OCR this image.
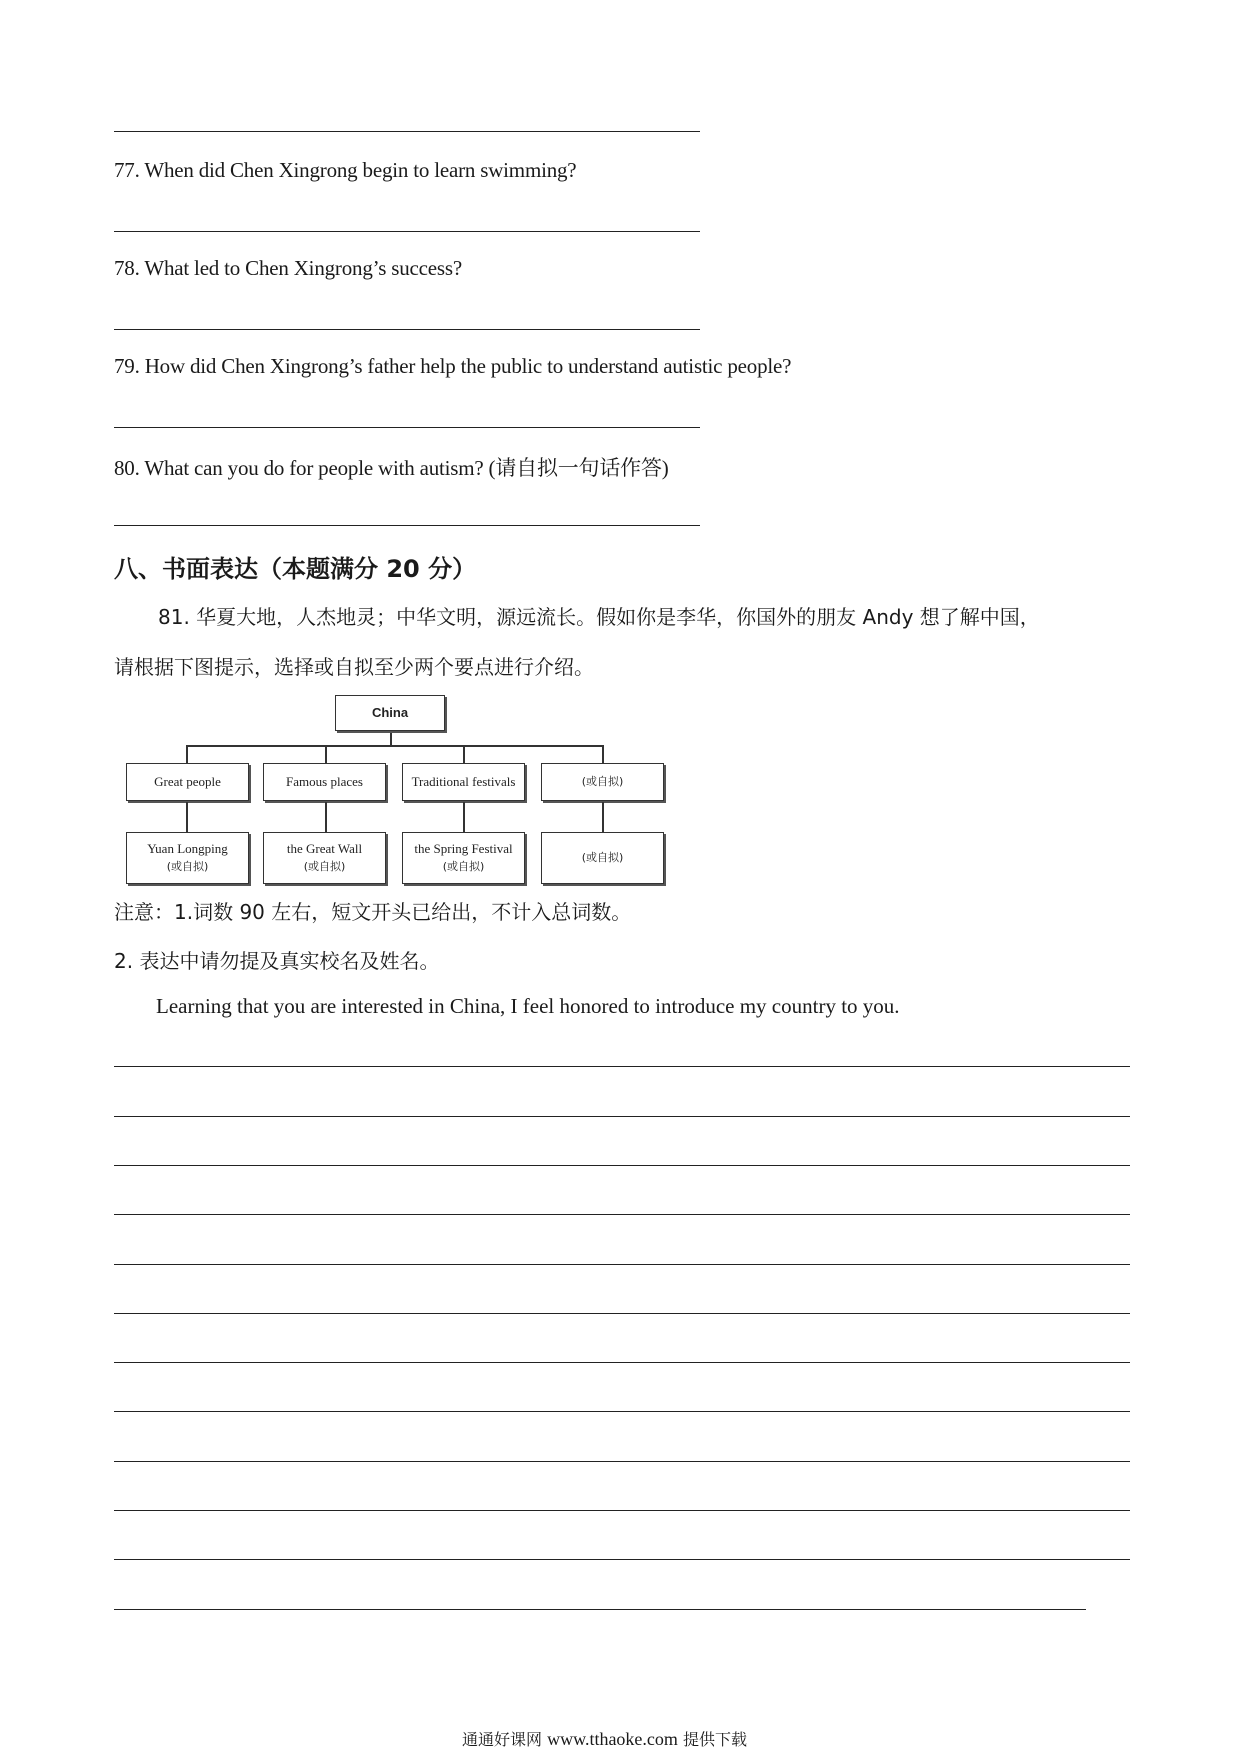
77. When did Chen Xingrong begin to learn swimming?
78. What led to Chen Xingrong’s success?
79. How did Chen Xingrong’s father help the public to understand autistic people?
80. What can you do for people with autism? (请自拟一句话作答)
八、书面表达（本题满分 20 分）
81. 华夏大地，人杰地灵；中华文明，源远流长。假如你是李华，你国外的朋友 Andy 想了解中国，
请根据下图提示，选择或自拟至少两个要点进行介绍。
China
Great people	Famous places	Traditional festivals	(或自拟)
Yuan Longping
(或自拟)
the Great Wall
(或自拟)
the Spring Festival
(或自拟)
(或自拟)
注意：1.词数 90 左右，短文开头已给出，不计入总词数。
2. 表达中请勿提及真实校名及姓名。
Learning that you are interested in China, I feel honored to introduce my country to you.
通通好课网 www.tthaoke.com 提供下载
